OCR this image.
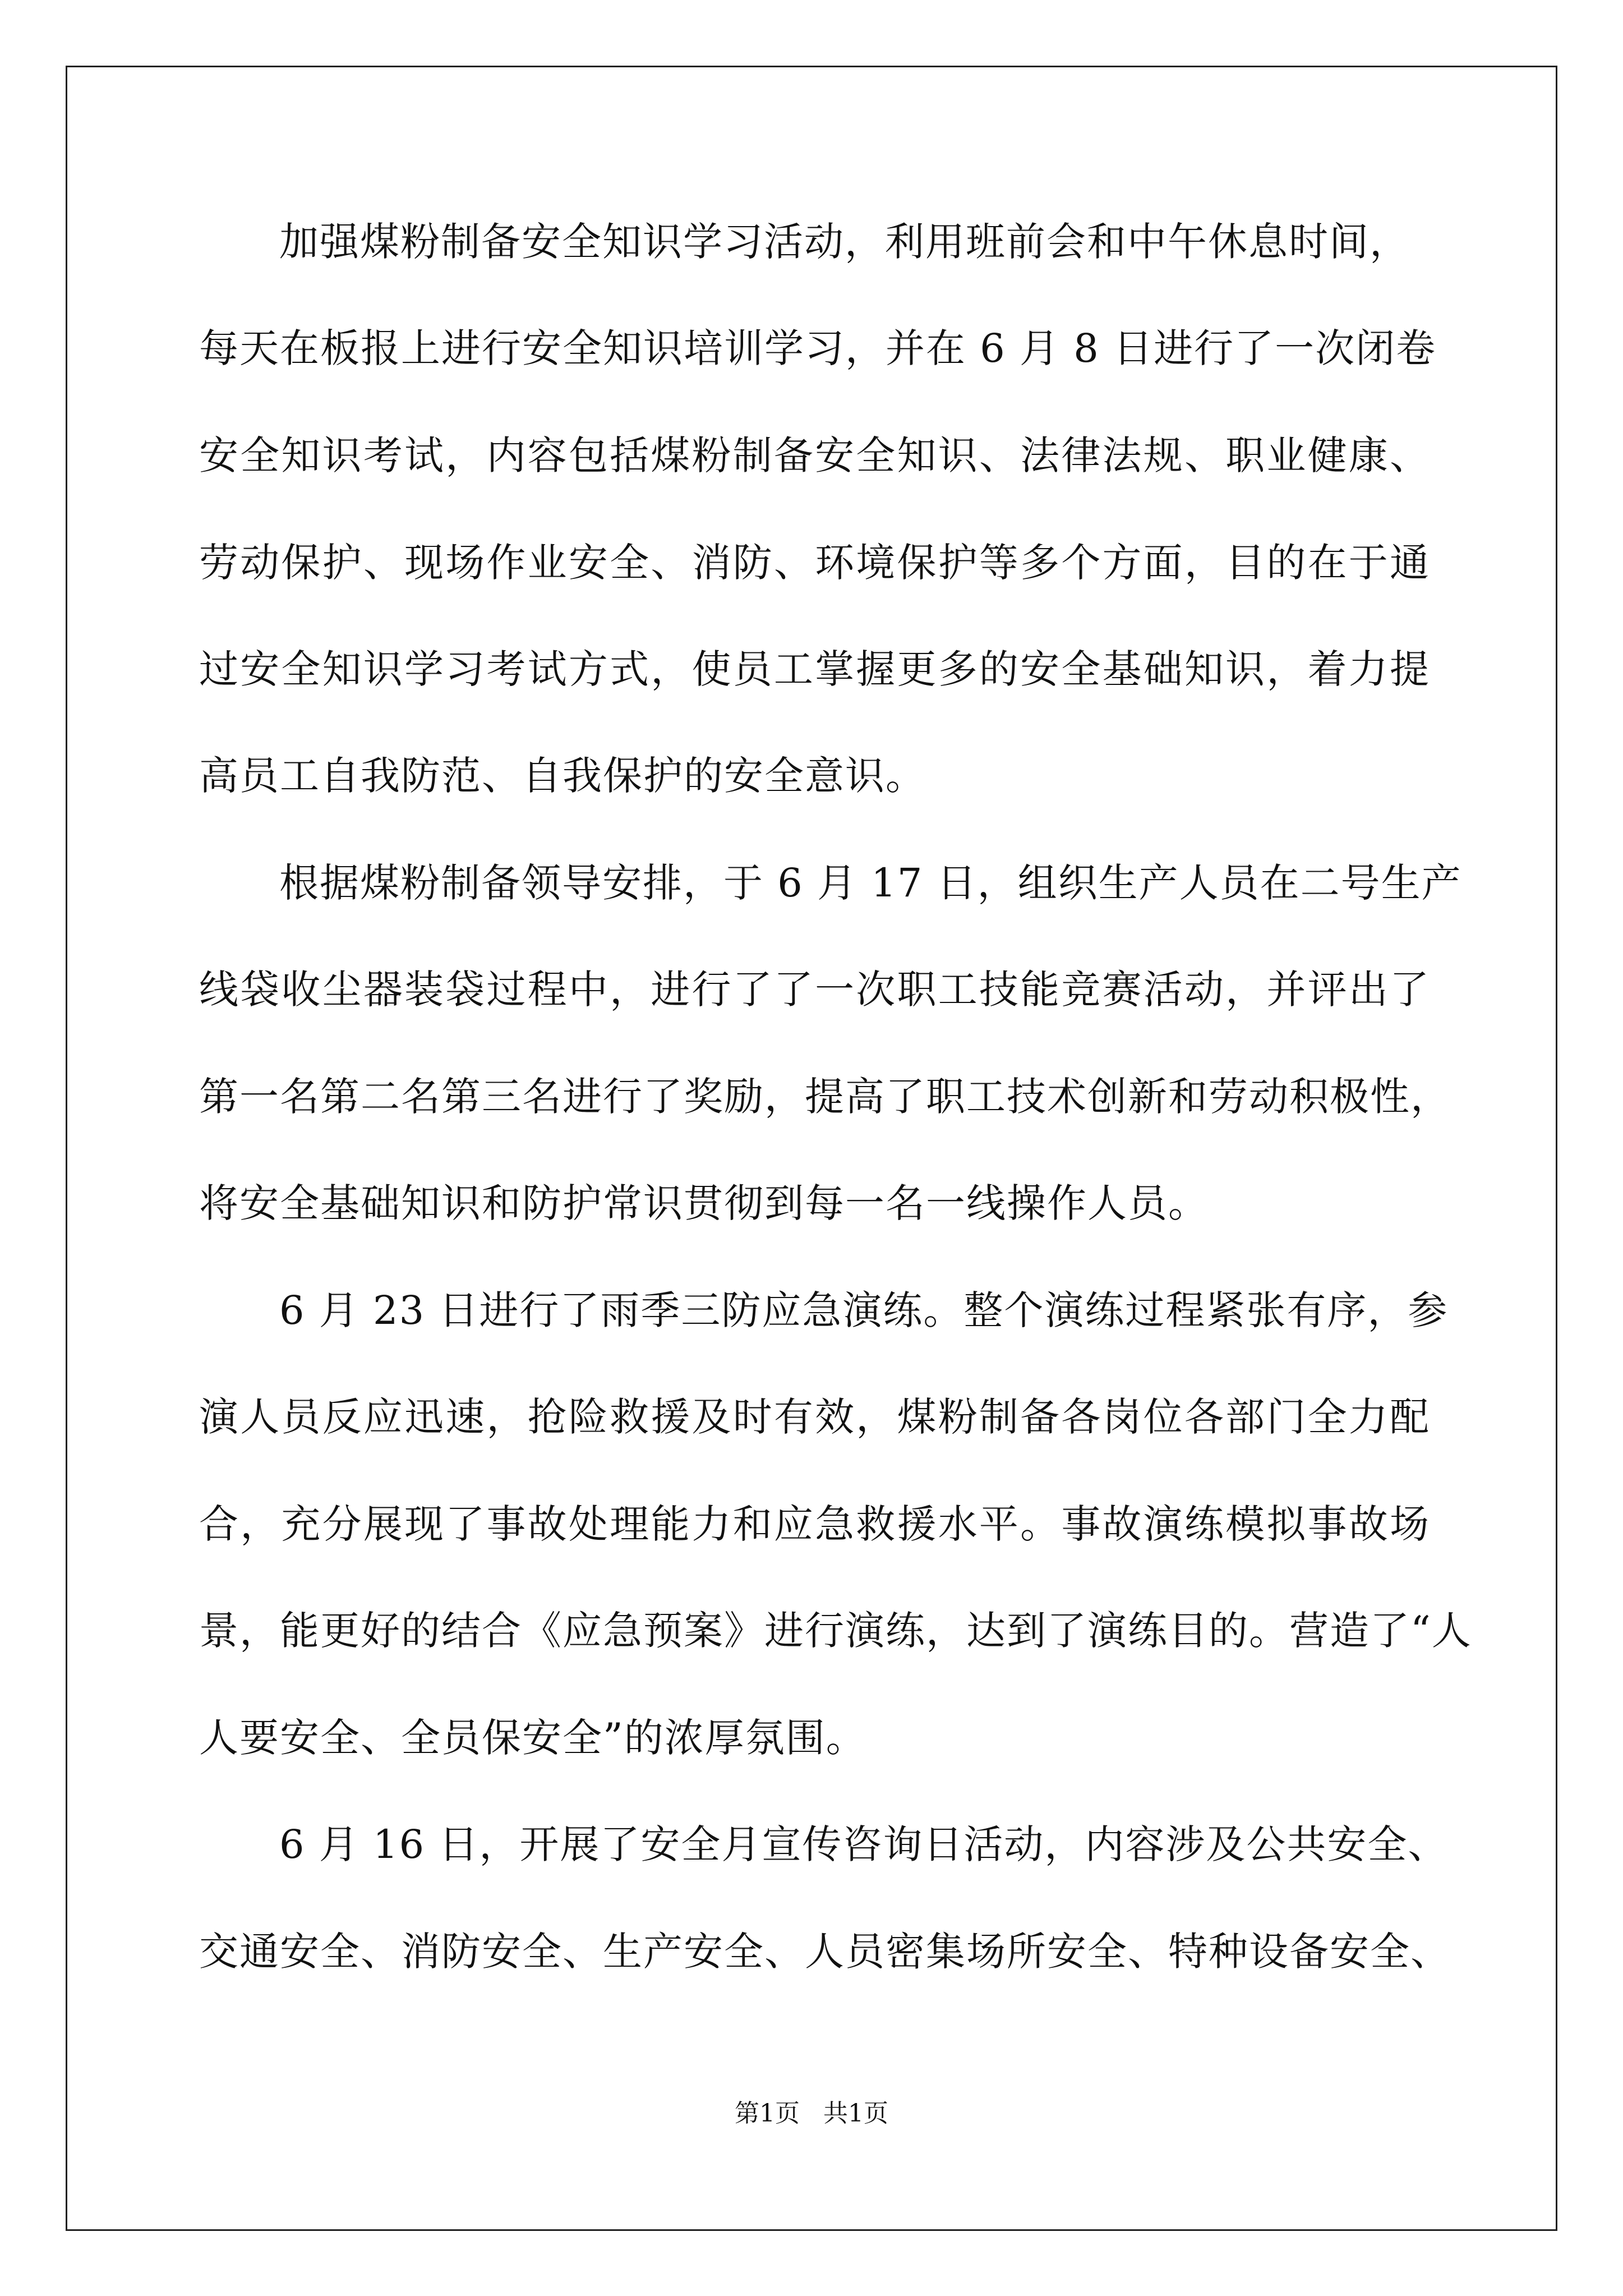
加强煤粉制备安全知识学习活动，利用班前会和中午休息时间，
每天在板报上进行安全知识培训学习，并在 6 月 8 日进行了一次闭卷
安全知识考试，内容包括煤粉制备安全知识、法律法规、职业健康、
劳动保护、现场作业安全、消防、环境保护等多个方面，目的在于通
过安全知识学习考试方式，使员工掌握更多的安全基础知识，着力提
高员工自我防范、自我保护的安全意识。
根据煤粉制备领导安排，于 6 月 17 日，组织生产人员在二号生产
线袋收尘器装袋过程中，进行了了一次职工技能竞赛活动，并评出了
第一名第二名第三名进行了奖励，提高了职工技术创新和劳动积极性，
将安全基础知识和防护常识贯彻到每一名一线操作人员。
6 月 23 日进行了雨季三防应急演练。整个演练过程紧张有序，参
演人员反应迅速，抢险救援及时有效，煤粉制备各岗位各部门全力配
合，充分展现了事故处理能力和应急救援水平。事故演练模拟事故场
景，能更好的结合《应急预案》进行演练，达到了演练目的。营造了“人
人要安全、全员保安全”的浓厚氛围。
6 月 16 日，开展了安全月宣传咨询日活动，内容涉及公共安全、
交通安全、消防安全、生产安全、人员密集场所安全、特种设备安全、
第1页   共1页
